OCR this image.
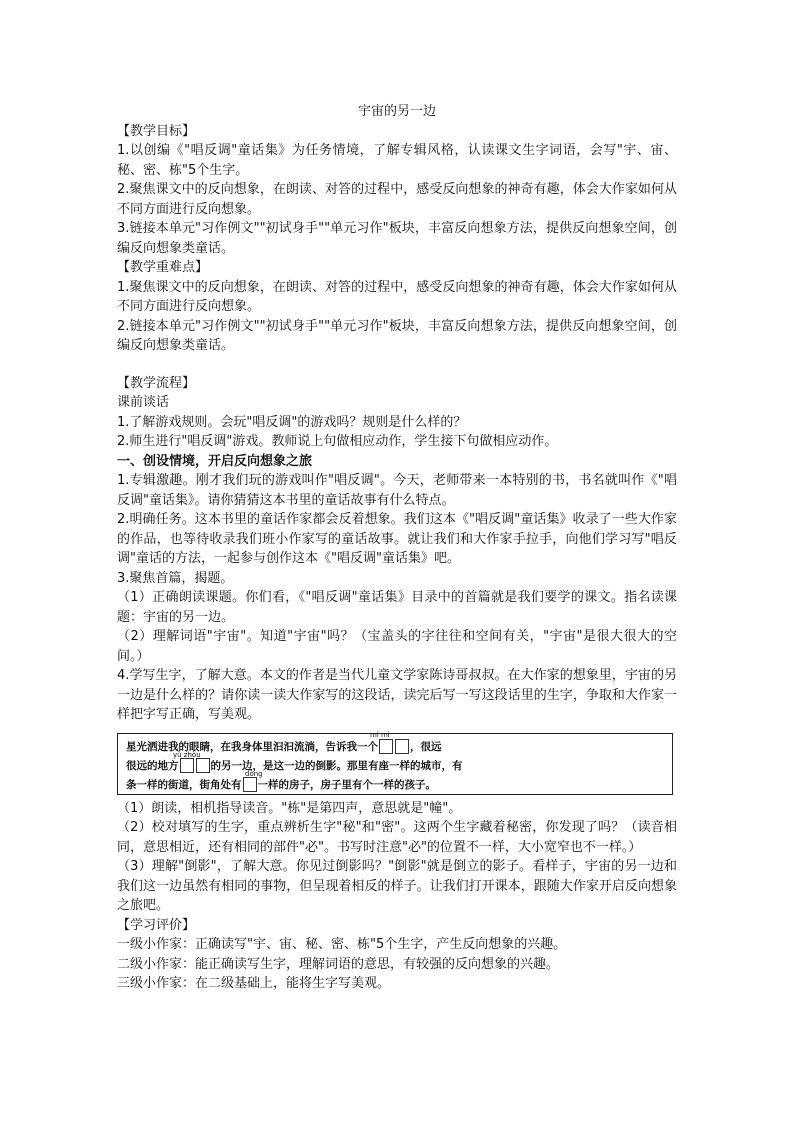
宇宙的另一边

【教学目标】

1.以创编《"唱反调"童话集》为任务情境，了解专辑风格，认读课文生字词语，会写"宇、宙、秘、密、栋"5个生字。

2.聚焦课文中的反向想象，在朗读、对答的过程中，感受反向想象的神奇有趣，体会大作家如何从不同方面进行反向想象。

3.链接本单元"习作例文""初试身手""单元习作"板块，丰富反向想象方法，提供反向想象空间，创编反向想象类童话。

【教学重难点】

1.聚焦课文中的反向想象，在朗读、对答的过程中，感受反向想象的神奇有趣，体会大作家如何从不同方面进行反向想象。

2.链接本单元"习作例文""初试身手""单元习作"板块，丰富反向想象方法，提供反向想象空间，创编反向想象类童话。

【教学流程】

课前谈话

1.了解游戏规则。会玩"唱反调"的游戏吗？规则是什么样的？

2.师生进行"唱反调"游戏。教师说上句做相应动作，学生接下句做相应动作。

一、创设情境，开启反向想象之旅

1.专辑激趣。刚才我们玩的游戏叫作"唱反调"。今天，老师带来一本特别的书，书名就叫作《"唱反调"童话集》。请你猜猜这本书里的童话故事有什么特点。

2.明确任务。这本书里的童话作家都会反着想象。我们这本《"唱反调"童话集》收录了一些大作家的作品，也等待收录我们班小作家写的童话故事。就让我们和大作家手拉手，向他们学习写"唱反调"童话的方法，一起参与创作这本《"唱反调"童话集》吧。

3.聚焦首篇，揭题。

（1）正确朗读课题。你们看，《"唱反调"童话集》目录中的首篇就是我们要学的课文。指名读课题：宇宙的另一边。

（2）理解词语"宇宙"。知道"宇宙"吗？（宝盖头的字往往和空间有关，"宇宙"是很大很大的空间。）

4.学写生字，了解大意。本文的作者是当代儿童文学家陈诗哥叔叔。在大作家的想象里，宇宙的另一边是什么样的？请你读一读大作家写的这段话，读完后写一写这段话里的生字，争取和大作家一样把字写正确，写美观。

mì mì
星光洒进我的眼睛，在我身体里汩汩流淌，告诉我一个	，很远
yǔ zhòu
很远的地方	的另一边，是这一边的倒影。那里有座一样的城市，有
dòng
条一样的街道，街角处有 一样的房子，房子里有个一样的孩子。

（1）朗读，相机指导读音。"栋"是第四声，意思就是"幢"。

（2）校对填写的生字，重点辨析生字"秘"和"密"。这两个生字藏着秘密，你发现了吗？（读音相同，意思相近，还有相同的部件"必"。书写时注意"必"的位置不一样，大小宽窄也不一样。）

（3）理解"倒影"，了解大意。你见过倒影吗？"倒影"就是倒立的影子。看样子，宇宙的另一边和我们这一边虽然有相同的事物，但呈现着相反的样子。让我们打开课本，跟随大作家开启反向想象之旅吧。

【学习评价】

一级小作家：正确读写"宇、宙、秘、密、栋"5个生字，产生反向想象的兴趣。

二级小作家：能正确读写生字，理解词语的意思，有较强的反向想象的兴趣。

三级小作家：在二级基础上，能将生字写美观。
